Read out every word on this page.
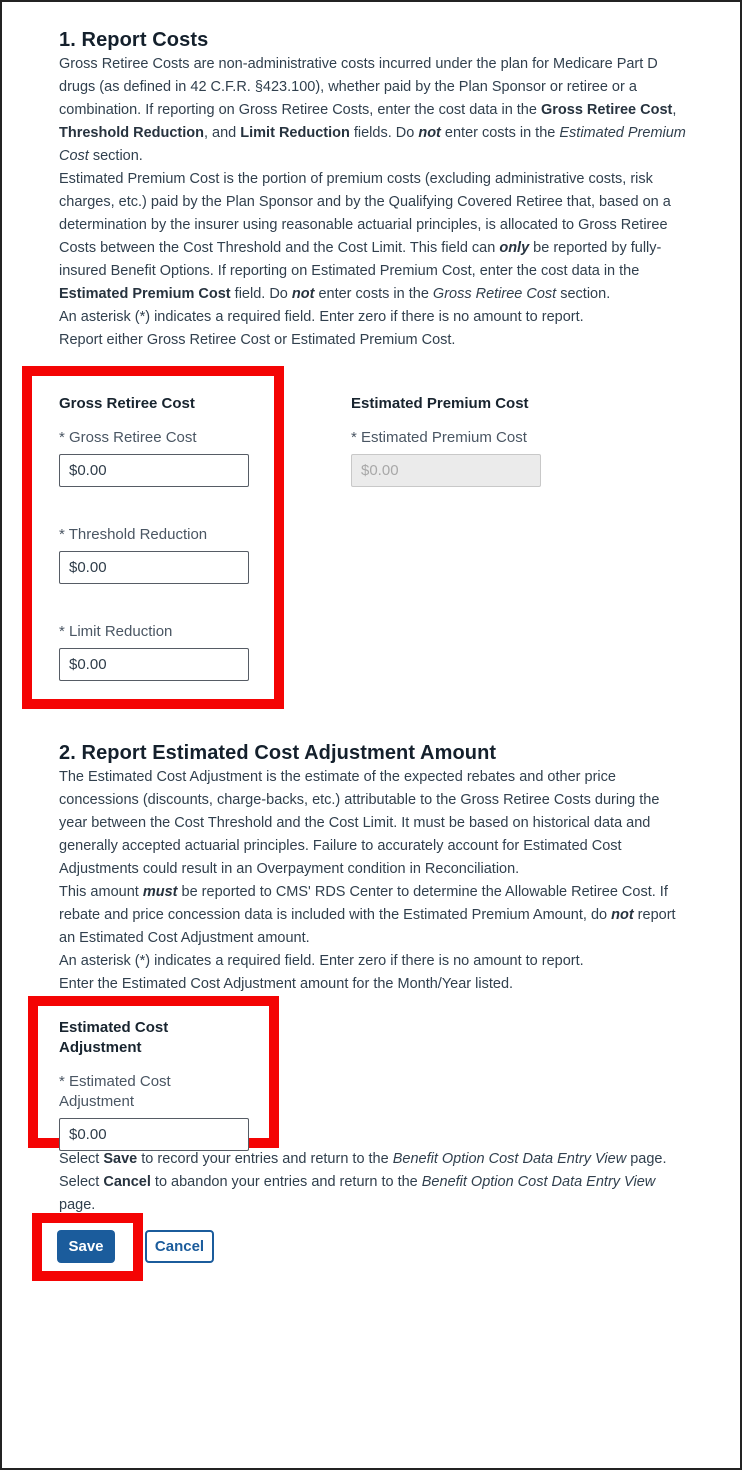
1. Report Costs

Gross Retiree Costs are non-administrative costs incurred under the plan for Medicare Part D drugs (as defined in 42 C.F.R. §423.100), whether paid by the Plan Sponsor or retiree or a combination. If reporting on Gross Retiree Costs, enter the cost data in the Gross Retiree Cost, Threshold Reduction, and Limit Reduction fields. Do not enter costs in the Estimated Premium Cost section.

Estimated Premium Cost is the portion of premium costs (excluding administrative costs, risk charges, etc.) paid by the Plan Sponsor and by the Qualifying Covered Retiree that, based on a determination by the insurer using reasonable actuarial principles, is allocated to Gross Retiree Costs between the Cost Threshold and the Cost Limit. This field can only be reported by fully-insured Benefit Options. If reporting on Estimated Premium Cost, enter the cost data in the Estimated Premium Cost field. Do not enter costs in the Gross Retiree Cost section.

An asterisk (*) indicates a required field. Enter zero if there is no amount to report.

Report either Gross Retiree Cost or Estimated Premium Cost.

Gross Retiree Cost
* Gross Retiree Cost
$0.00
* Threshold Reduction
$0.00
* Limit Reduction
$0.00
Estimated Premium Cost
* Estimated Premium Cost
$0.00
2. Report Estimated Cost Adjustment Amount

The Estimated Cost Adjustment is the estimate of the expected rebates and other price concessions (discounts, charge-backs, etc.) attributable to the Gross Retiree Costs during the year between the Cost Threshold and the Cost Limit. It must be based on historical data and generally accepted actuarial principles. Failure to accurately account for Estimated Cost Adjustments could result in an Overpayment condition in Reconciliation.

This amount must be reported to CMS' RDS Center to determine the Allowable Retiree Cost. If rebate and price concession data is included with the Estimated Premium Amount, do not report an Estimated Cost Adjustment amount.

An asterisk (*) indicates a required field. Enter zero if there is no amount to report.

Enter the Estimated Cost Adjustment amount for the Month/Year listed.

Estimated Cost Adjustment
* Estimated Cost Adjustment
$0.00

Select Save to record your entries and return to the Benefit Option Cost Data Entry View page. Select Cancel to abandon your entries and return to the Benefit Option Cost Data Entry View page.

Save	Cancel
